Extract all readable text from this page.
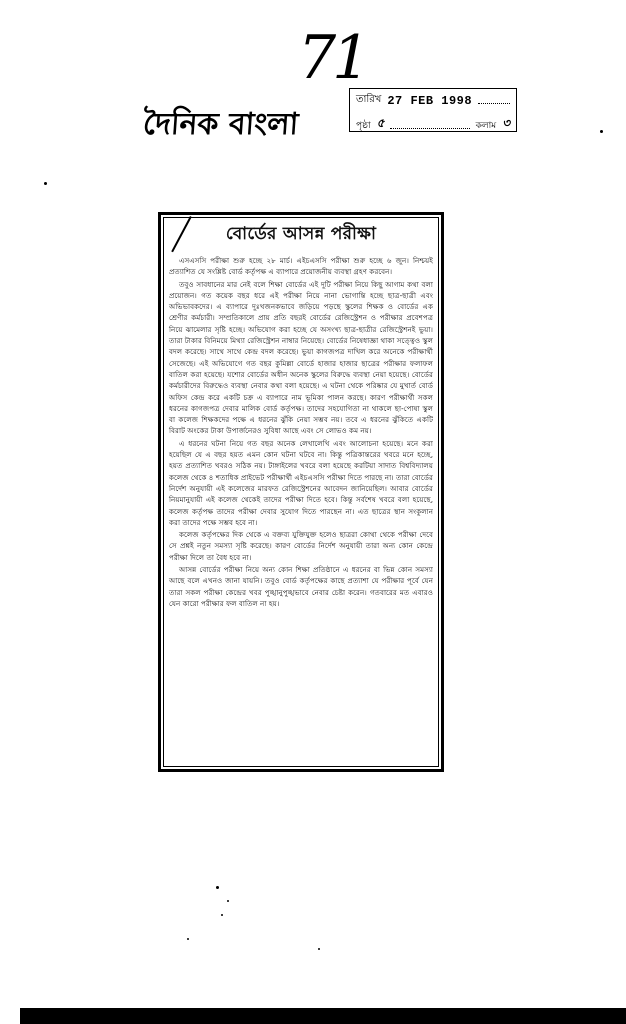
71
দৈনিক বাংলা
তারিখ 27 FEB 1998
পৃষ্ঠা ৫	কলাম ৩
বোর্ডের আসন্ন পরীক্ষা

এসএসসি পরীক্ষা শুরু হচ্ছে ২৮ মার্চ। এইচএসসি পরীক্ষা শুরু হচ্ছে ৬ জুন। নিশ্চয়ই প্রত্যাশিত যে সংশ্লিষ্ট বোর্ড কর্তৃপক্ষ এ ব্যাপারে প্রয়োজনীয় ব্যবস্থা গ্রহণ করবেন।

তবুও সাবধানের মার নেই বলে শিক্ষা বোর্ডের এই দুটি পরীক্ষা নিয়ে কিছু আগাম কথা বলা প্রয়োজন। গত কয়েক বছর ধরে এই পরীক্ষা নিয়ে নানা ভোগান্তি হচ্ছে ছাত্র-ছাত্রী এবং অভিভাবকদের। এ ব্যাপারে দুঃখজনকভাবে জড়িয়ে পড়ছে স্কুলের শিক্ষক ও বোর্ডের এক শ্রেণীর কর্মচারী। সম্প্রতিকালে প্রায় প্রতি বছরই বোর্ডের রেজিস্ট্রেশন ও পরীক্ষার প্রবেশপত্র নিয়ে ঝামেলার সৃষ্টি হচ্ছে। অভিযোগ করা হচ্ছে যে অসংখ্য ছাত্র-ছাত্রীর রেজিস্ট্রেশনই ভুয়া। তারা টাকার বিনিময়ে মিথ্যা রেজিস্ট্রেশন নাম্বার নিয়েছে। বোর্ডের নিষেধাজ্ঞা থাকা সত্ত্বেও স্কুল বদল করেছে। সাথে সাথে কেন্দ্র বদল করেছে। ভুয়া কাগজপত্র দাখিল করে অনেকে পরীক্ষার্থী সেজেছে। এই অভিযোগে গত বছর কুমিল্লা বোর্ডে হাজার হাজার ছাত্রের পরীক্ষার ফলাফল বাতিল করা হয়েছে। যশোর বোর্ডের অধীন অনেক স্কুলের বিরুদ্ধে ব্যবস্থা নেয়া হয়েছে। বোর্ডের কর্মচারীদের বিরুদ্ধেও ব্যবস্থা নেবার কথা বলা হয়েছে। এ ঘটনা থেকে পরিষ্কার যে মুখার্ত বোর্ড অফিস কেন্দ্র করে একটি চক্র এ ব্যাপারে নাম ভূমিকা পালন করছে। কারণ পরীক্ষার্থী সকল ধরনের কাগজপত্র দেবার মালিক বোর্ড কর্তৃপক্ষ। তাদের সহযোগিতা না থাকলে ছা-পোষা স্কুল বা কলেজ শিক্ষকদের পক্ষে এ ধরনের ঝুঁকি নেয়া সম্ভব নয়। তবে এ ধরনের ঝুঁকিতে একটি বিরাট অংকের টাকা উপার্জনেরও সুবিধা আছে এবং সে লোভও কম নয়।

এ ধরনের ঘটনা নিয়ে গত বছর অনেক লেখালেখি এবং আলোচনা হয়েছে। মনে করা হয়েছিল যে এ বছর হয়ত এমন কোন ঘটনা ঘটবে না। কিন্তু পত্রিকান্তরের খবরে মনে হচ্ছে, হয়ত প্রত্যাশিত খবরও সঠিক নয়। টাঙ্গাইলের খবরে বলা হয়েছে করটিয়া সাদাত বিশ্ববিদ্যালয় কলেজ থেকে ৪ শতাধিক প্রাইভেট পরীক্ষার্থী এইচএসসি পরীক্ষা দিতে পারছে না। তারা বোর্ডের নির্দেশ অনুযায়ী এই কলেজের মারফত রেজিস্ট্রেশনের আবেদন জানিয়েছিল। আবার বোর্ডের নিয়মানুযায়ী এই কলেজ থেকেই তাদের পরীক্ষা দিতে হবে। কিন্তু সর্বশেষ খবরে বলা হয়েছে, কলেজ কর্তৃপক্ষ তাদের পরীক্ষা দেবার সুযোগ দিতে পারছেন না। এত ছাত্রের স্থান সংকুলান করা তাদের পক্ষে সম্ভব হবে না।

কলেজ কর্তৃপক্ষের দিক থেকে এ বক্তব্য যুক্তিযুক্ত হলেও ছাত্ররা কোথা থেকে পরীক্ষা দেবে সে প্রশ্নই নতুন সমস্যা সৃষ্টি করেছে। কারণ বোর্ডের নির্দেশ অনুযায়ী তারা অন্য কোন কেন্দ্রে পরীক্ষা দিলে তা বৈধ হবে না।

আসন্ন বোর্ডের পরীক্ষা নিয়ে অন্য কোন শিক্ষা প্রতিষ্ঠানে এ ধরনের বা ভিন্ন কোন সমস্যা আছে বলে এখনও জানা যায়নি। তবুও বোর্ড কর্তৃপক্ষের কাছে প্রত্যাশা যে পরীক্ষার পূর্বে যেন তারা সকল পরীক্ষা কেন্দ্রের খবর পুঙ্খানুপুঙ্খভাবে নেবার চেষ্টা করেন। গতবারের মত এবারও যেন কারো পরীক্ষার ফল বাতিল না হয়।
